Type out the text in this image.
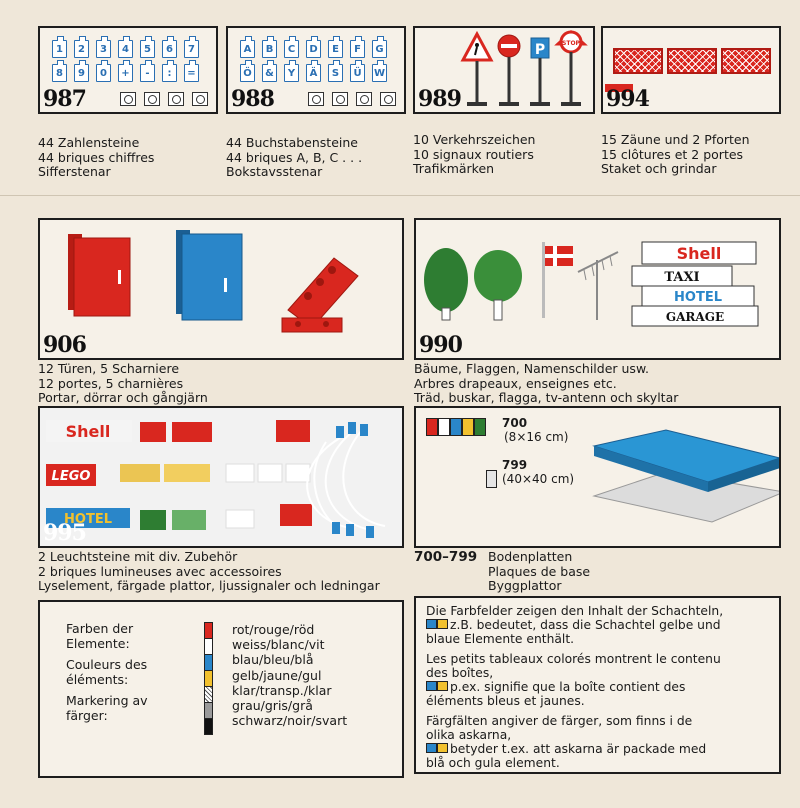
1	2	3	4	5	6	7
8	9	0	+	-	:	=
987
44 Zahlensteine
44 briques chiffres
Sifferstenar
A	B	C	D	E	F	G
Ö	&	Y	Ä	S	Ü	W
988
44 Buchstabensteine
44 briques A, B, C . . .
Bokstavsstenar
P	STOP
989
10 Verkehrszeichen
10 signaux routiers
Trafikmärken
994
15 Zäune und 2 Pforten
15 clôtures et 2 portes
Staket och grindar
906
12 Türen, 5 Scharniere
12 portes, 5 charnières
Portar, dörrar och gångjärn
Shell
TAXI
HOTEL
GARAGE
990
Bäume, Flaggen, Namenschilder usw.
Arbres drapeaux, enseignes etc.
Träd, buskar, flagga, tv-antenn och skyltar
Shell
LEGO
HOTEL
995
2 Leuchtsteine mit div. Zubehör
2 briques lumineuses avec accessoires
Lyselement, färgade plattor, ljussignaler och ledningar
700
(8×16 cm)
799
(40×40 cm)
700–799 Bodenplatten
Plaques de base
Byggplattor
Farben der
Elemente:
Couleurs des
éléments:
Markering av
färger:
rot/rouge/röd
weiss/blanc/vit
blau/bleu/blå
gelb/jaune/gul
klar/transp./klar
grau/gris/grå
schwarz/noir/svart
Die Farbfelder zeigen den Inhalt der Schachteln,
z.B. bedeutet, dass die Schachtel gelbe und
blaue Elemente enthält.
Les petits tableaux colorés montrent le contenu
des boîtes,
p.ex. signifie que la boîte contient des
éléments bleus et jaunes.
Färgfälten angiver de färger, som finns i de
olika askarna,
betyder t.ex. att askarna är packade med
blå och gula element.
